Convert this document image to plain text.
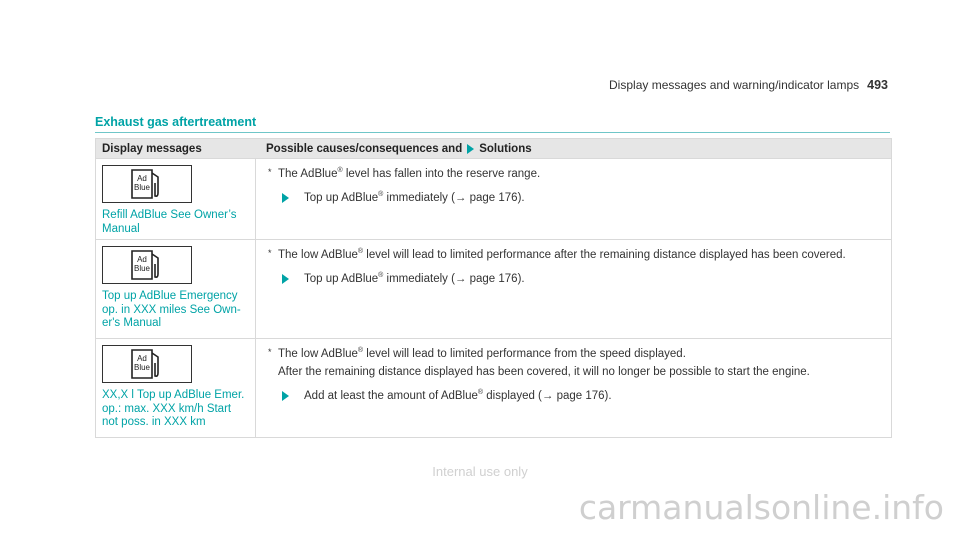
Display messages and warning/indicator lamps 493
Exhaust gas aftertreatment
Display messages	Possible causes/consequences and Solutions
Ad
Blue
Refill AdBlue See Owner’s Manual
* The AdBlue® level has fallen into the reserve range.
Top up AdBlue® immediately (→ page 176).
Ad
Blue
Top up AdBlue Emergency op. in XXX miles See Own-er's Manual
* The low AdBlue® level will lead to limited performance after the remaining distance displayed has been covered.
Top up AdBlue® immediately (→ page 176).
Ad
Blue
XX,X l Top up AdBlue Emer. op.: max. XXX km/h Start not poss. in XXX km
* The low AdBlue® level will lead to limited performance from the speed displayed.
After the remaining distance displayed has been covered, it will no longer be possible to start the engine.
Add at least the amount of AdBlue® displayed (→ page 176).
Internal use only
carmanualsonline.info
